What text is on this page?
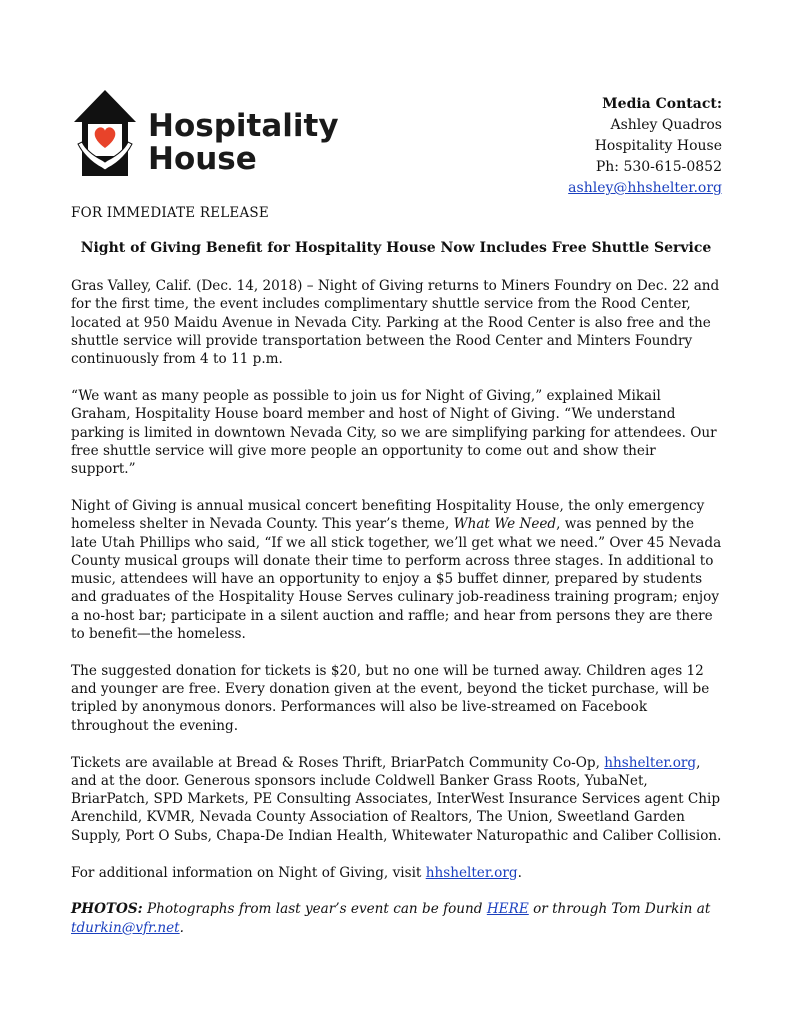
Hospitality
House
Media Contact:
Ashley Quadros
Hospitality House
Ph: 530-615-0852
ashley@hhshelter.org
FOR IMMEDIATE RELEASE
Night of Giving Benefit for Hospitality House Now Includes Free Shuttle Service

Gras Valley, Calif. (Dec. 14, 2018) – Night of Giving returns to Miners Foundry on Dec. 22 and for the first time, the event includes complimentary shuttle service from the Rood Center, located at 950 Maidu Avenue in Nevada City. Parking at the Rood Center is also free and the shuttle service will provide transportation between the Rood Center and Minters Foundry continuously from 4 to 11 p.m.

“We want as many people as possible to join us for Night of Giving,” explained Mikail Graham, Hospitality House board member and host of Night of Giving. “We understand parking is limited in downtown Nevada City, so we are simplifying parking for attendees. Our free shuttle service will give more people an opportunity to come out and show their support.”

Night of Giving is annual musical concert benefiting Hospitality House, the only emergency homeless shelter in Nevada County. This year’s theme, What We Need, was penned by the late Utah Phillips who said, “If we all stick together, we’ll get what we need.” Over 45 Nevada County musical groups will donate their time to perform across three stages. In additional to music, attendees will have an opportunity to enjoy a $5 buffet dinner, prepared by students and graduates of the Hospitality House Serves culinary job-readiness training program; enjoy a no-host bar; participate in a silent auction and raffle; and hear from persons they are there to benefit—the homeless.

The suggested donation for tickets is $20, but no one will be turned away. Children ages 12 and younger are free. Every donation given at the event, beyond the ticket purchase, will be tripled by anonymous donors. Performances will also be live-streamed on Facebook throughout the evening.

Tickets are available at Bread & Roses Thrift, BriarPatch Community Co-Op, hhshelter.org, and at the door. Generous sponsors include Coldwell Banker Grass Roots, YubaNet, BriarPatch, SPD Markets, PE Consulting Associates, InterWest Insurance Services agent Chip Arenchild, KVMR, Nevada County Association of Realtors, The Union, Sweetland Garden Supply, Port O Subs, Chapa-De Indian Health, Whitewater Naturopathic and Caliber Collision.

For additional information on Night of Giving, visit hhshelter.org.

PHOTOS: Photographs from last year’s event can be found HERE or through Tom Durkin at tdurkin@vfr.net.
